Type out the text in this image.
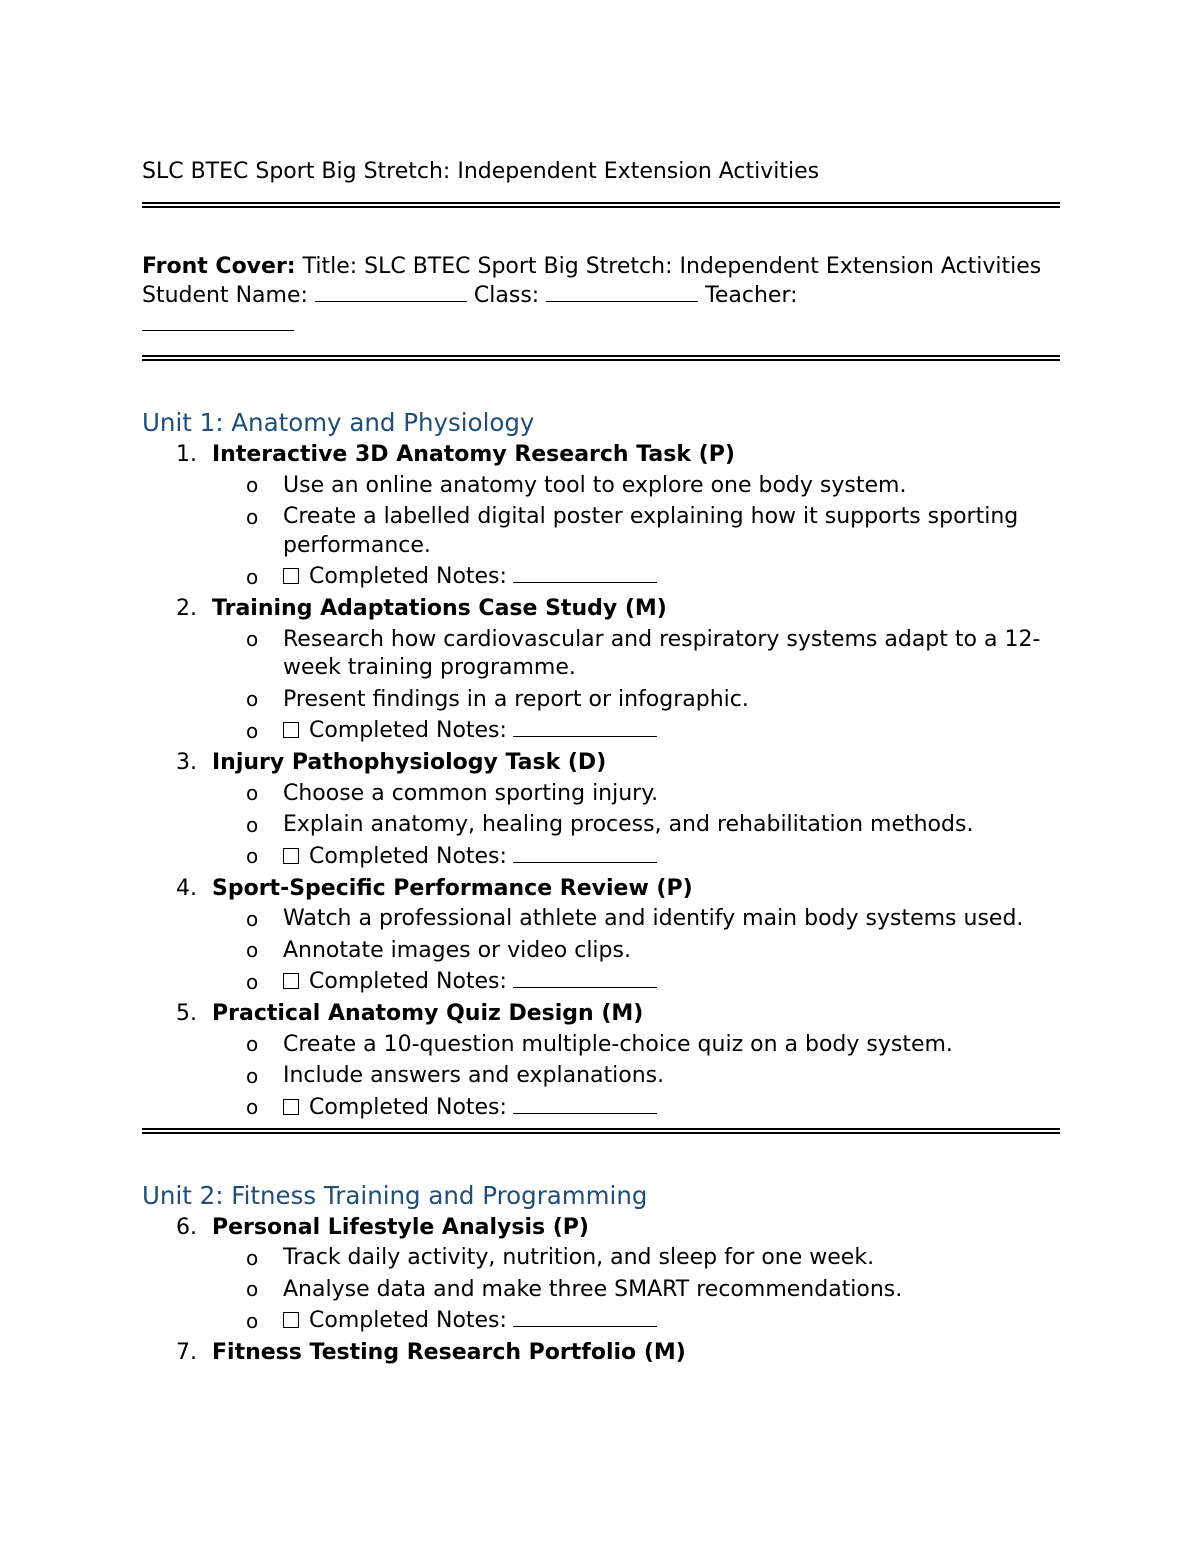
SLC BTEC Sport Big Stretch: Independent Extension Activities

Front Cover: Title: SLC BTEC Sport Big Stretch: Independent Extension Activities Student Name:	Class:	Teacher:

Unit 1: Anatomy and Physiology

1. Interactive 3D Anatomy Research Task (P)

o Use an online anatomy tool to explore one body system.

o Create a labelled digital poster explaining how it supports sporting performance.

o Completed Notes:

2. Training Adaptations Case Study (M)

o Research how cardiovascular and respiratory systems adapt to a 12-week training programme.

o Present findings in a report or infographic.

o Completed Notes:

3. Injury Pathophysiology Task (D)

o Choose a common sporting injury.

o Explain anatomy, healing process, and rehabilitation methods.

o Completed Notes:

4. Sport-Specific Performance Review (P)

o Watch a professional athlete and identify main body systems used.

o Annotate images or video clips.

o Completed Notes:

5. Practical Anatomy Quiz Design (M)

o Create a 10-question multiple-choice quiz on a body system.

o Include answers and explanations.

o Completed Notes:

Unit 2: Fitness Training and Programming

6. Personal Lifestyle Analysis (P)

o Track daily activity, nutrition, and sleep for one week.

o Analyse data and make three SMART recommendations.

o Completed Notes:

7. Fitness Testing Research Portfolio (M)
